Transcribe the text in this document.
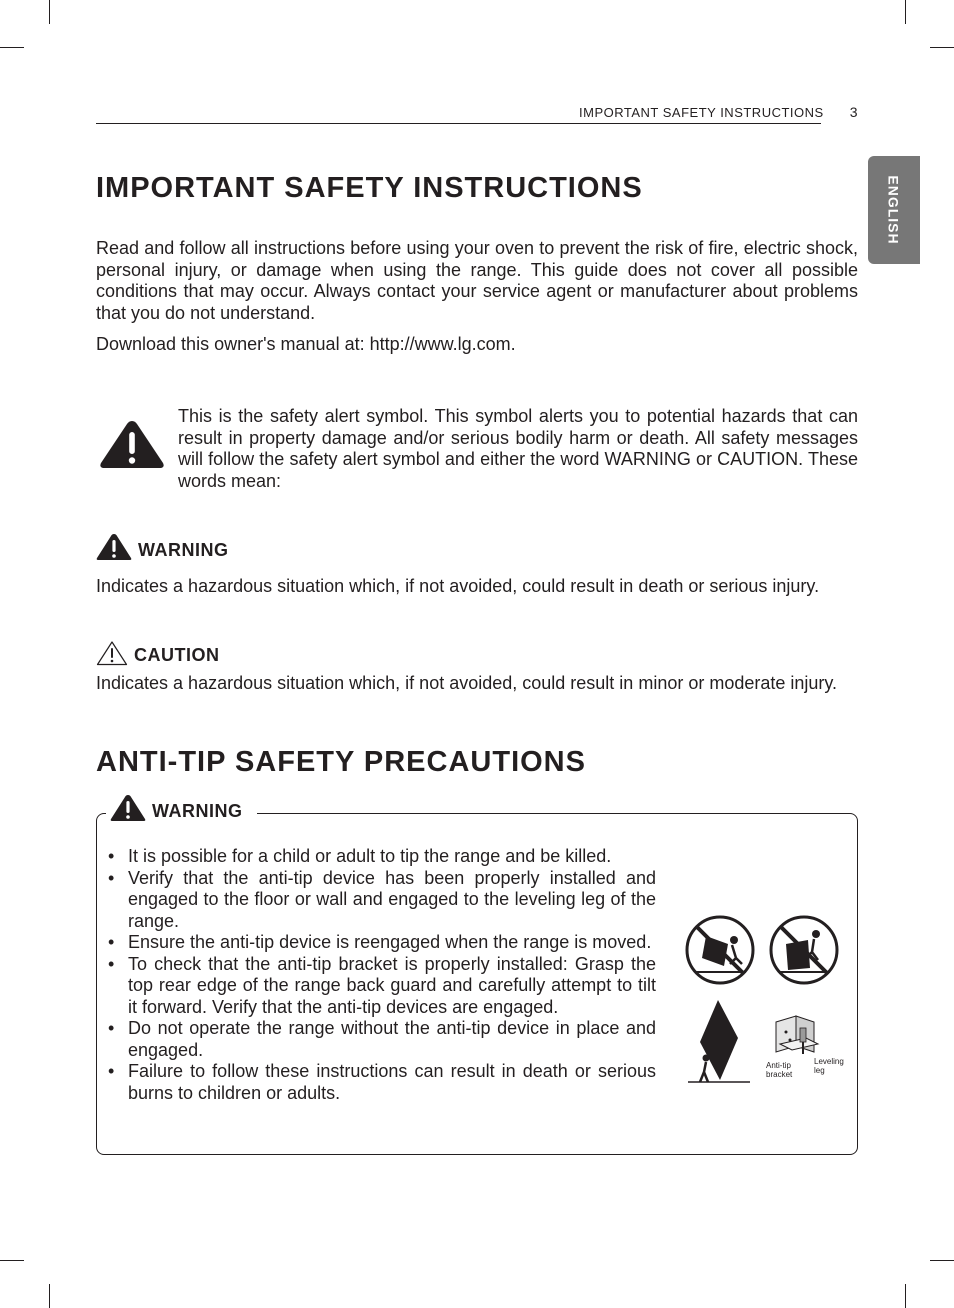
IMPORTANT SAFETY INSTRUCTIONS 3
ENGLISH
IMPORTANT SAFETY INSTRUCTIONS

Read and follow all instructions before using your oven to prevent the risk of fire, electric shock, personal injury, or damage when using the range. This guide does not cover all possible conditions that may occur. Always contact your service agent or manufacturer about problems that you do not understand.

Download this owner's manual at: http://www.lg.com.

This is the safety alert symbol. This symbol alerts you to potential hazards that can result in property damage and/or serious bodily harm or death. All safety messages will follow the safety alert symbol and either the word WARNING or CAUTION. These words mean:

WARNING

Indicates a hazardous situation which, if not avoided, could result in death or serious injury.

CAUTION

Indicates a hazardous situation which, if not avoided, could result in minor or moderate injury.

ANTI-TIP SAFETY PRECAUTIONS
WARNING
• It is possible for a child or adult to tip the range and be killed.
• Verify that the anti-tip device has been properly installed and engaged to the floor or wall and engaged to the leveling leg of the range.
• Ensure the anti-tip device is reengaged when the range is moved.
• To check that the anti-tip bracket is properly installed: Grasp the top rear edge of the range back guard and carefully attempt to tilt it forward. Verify that the anti-tip devices are engaged.
• Do not operate the range without the anti-tip device in place and engaged.
• Failure to follow these instructions can result in death or serious burns to children or adults.
Anti-tip bracket
Leveling leg
